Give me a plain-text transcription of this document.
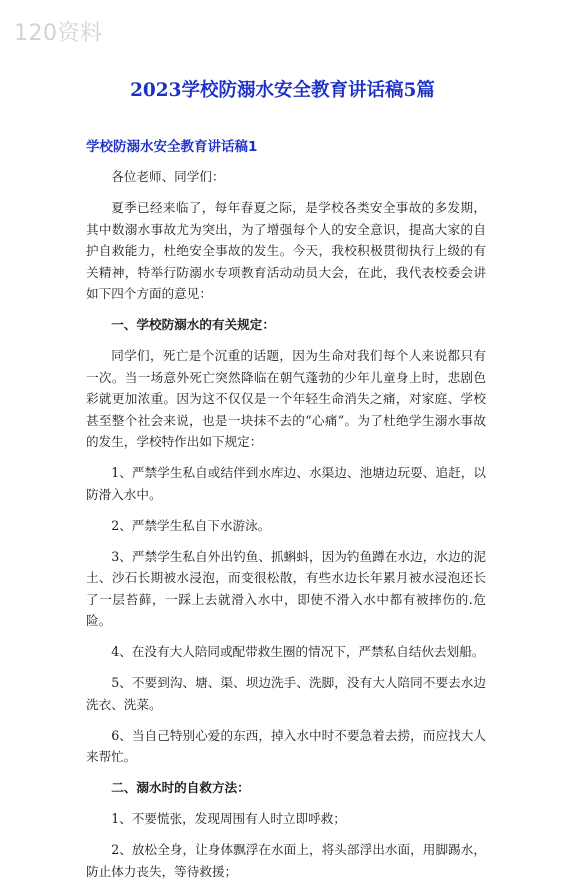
120资料
2023学校防溺水安全教育讲话稿5篇
学校防溺水安全教育讲话稿1

各位老师、同学们：

夏季已经来临了，每年春夏之际，是学校各类安全事故的多发期，其中数溺水事故尤为突出，为了增强每个人的安全意识，提高大家的自护自救能力，杜绝安全事故的发生。今天，我校积极贯彻执行上级的有关精神，特举行防溺水专项教育活动动员大会，在此，我代表校委会讲如下四个方面的意见：

一、学校防溺水的有关规定：

同学们，死亡是个沉重的话题，因为生命对我们每个人来说都只有一次。当一场意外死亡突然降临在朝气蓬勃的少年儿童身上时，悲剧色彩就更加浓重。因为这不仅仅是一个年轻生命消失之痛，对家庭、学校甚至整个社会来说，也是一块抹不去的“心痛”。为了杜绝学生溺水事故的发生，学校特作出如下规定：

1、严禁学生私自或结伴到水库边、水渠边、池塘边玩耍、追赶，以防滑入水中。

2、严禁学生私自下水游泳。

3、严禁学生私自外出钓鱼、抓蝌蚪，因为钓鱼蹲在水边，水边的泥土、沙石长期被水浸泡，而变很松散，有些水边长年累月被水浸泡还长了一层苔藓，一踩上去就滑入水中，即使不滑入水中都有被摔伤的.危险。

4、在没有大人陪同或配带救生圈的情况下，严禁私自结伙去划船。

5、不要到沟、塘、渠、坝边洗手、洗脚，没有大人陪同不要去水边洗衣、洗菜。

6、当自己特别心爱的东西，掉入水中时不要急着去捞，而应找大人来帮忙。

二、溺水时的自救方法：

1、不要慌张，发现周围有人时立即呼救；

2、放松全身，让身体飘浮在水面上，将头部浮出水面，用脚踢水，防止体力丧失，等待救援；
